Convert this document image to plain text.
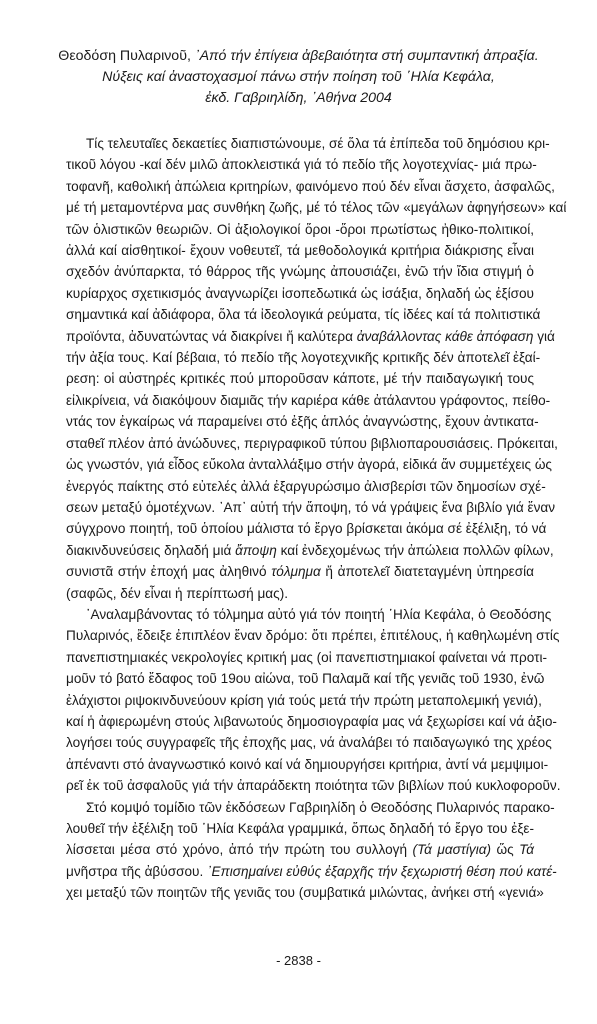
Θεοδόση Πυλαρινοῦ, ᾿Από τήν ἐπίγεια ἀβεβαιότητα στή συμπαντική ἀπραξία.
Νύξεις καί ἀναστοχασμοί πάνω στήν ποίηση τοῦ ῾Ηλία Κεφάλα,
ἐκδ. Γαβριηλίδη, ᾿Αθήνα 2004
Τίς τελευταῖες δεκαετίες διαπιστώνουμε, σέ ὅλα τά ἐπίπεδα τοῦ δημόσιου κρι-
τικοῦ λόγου -καί δέν μιλῶ ἀποκλειστικά γιά τό πεδίο τῆς λογοτεχνίας- μιά πρω-
τοφανῆ, καθολική ἀπώλεια κριτηρίων, φαινόμενο πού δέν εἶναι ἄσχετο, ἀσφαλῶς,
μέ τή μεταμοντέρνα μας συνθήκη ζωῆς, μέ τό τέλος τῶν «μεγάλων ἀφηγήσεων» καί
τῶν ὁλιστικῶν θεωριῶν. Οἱ ἀξιολογικοί ὅροι -ὅροι πρωτίστως ἠθικο-πολιτικοί,
ἀλλά καί αἰσθητικοί- ἔχουν νοθευτεῖ, τά μεθοδολογικά κριτήρια διάκρισης εἶναι
σχεδόν ἀνύπαρκτα, τό θάρρος τῆς γνώμης ἀπουσιάζει, ἐνῶ τήν ἴδια στιγμή ὁ
κυρίαρχος σχετικισμός ἀναγνωρίζει ἰσοπεδωτικά ὡς ἰσάξια, δηλαδή ὡς ἐξίσου
σημαντικά καί ἀδιάφορα, ὅλα τά ἰδεολογικά ρεύματα, τίς ἰδέες καί τά πολιτιστικά
προϊόντα, ἀδυνατώντας νά διακρίνει ἤ καλύτερα ἀναβάλλοντας κάθε ἀπόφαση γιά
τήν ἀξία τους. Καί βέβαια, τό πεδίο τῆς λογοτεχνικῆς κριτικῆς δέν ἀποτελεῖ ἐξαί-
ρεση: οἱ αὐστηρές κριτικές πού μποροῦσαν κάποτε, μέ τήν παιδαγωγική τους
εἰλικρίνεια, νά διακόψουν διαμιᾶς τήν καριέρα κάθε ἀτάλαντου γράφοντος, πείθο-
ντάς τον ἐγκαίρως νά παραμείνει στό ἐξῆς ἁπλός ἀναγνώστης, ἔχουν ἀντικατα-
σταθεῖ πλέον ἀπό ἀνώδυνες, περιγραφικοῦ τύπου βιβλιοπαρουσιάσεις. Πρόκειται,
ὡς γνωστόν, γιά εἶδος εὔκολα ἀνταλλάξιμο στήν ἀγορά, εἰδικά ἄν συμμετέχεις ὡς
ἐνεργός παίκτης στό εὐτελές ἀλλά ἐξαργυρώσιμο ἀλισβερίσι τῶν δημοσίων σχέ-
σεων μεταξύ ὁμοτέχνων. ᾿Απ᾿ αὐτή τήν ἄποψη, τό νά γράψεις ἕνα βιβλίο γιά ἕναν
σύγχρονο ποιητή, τοῦ ὁποίου μάλιστα τό ἔργο βρίσκεται ἀκόμα σέ ἐξέλιξη, τό νά
διακινδυνεύσεις δηλαδή μιά ἄποψη καί ἐνδεχομένως τήν ἀπώλεια πολλῶν φίλων,
συνιστᾶ στήν ἐποχή μας ἀληθινό τόλμημα ἤ ἀποτελεῖ διατεταγμένη ὑπηρεσία
(σαφῶς, δέν εἶναι ἡ περίπτωσή μας).
῾Αναλαμβάνοντας τό τόλμημα αὐτό γιά τόν ποιητή ῾Ηλία Κεφάλα, ὁ Θεοδόσης
Πυλαρινός, ἔδειξε ἐπιπλέον ἕναν δρόμο: ὅτι πρέπει, ἐπιτέλους, ἡ καθηλωμένη στίς
πανεπιστημιακές νεκρολογίες κριτική μας (οἱ πανεπιστημιακοί φαίνεται νά προτι-
μοῦν τό βατό ἔδαφος τοῦ 19ου αἰώνα, τοῦ Παλαμᾶ καί τῆς γενιᾶς τοῦ 1930, ἐνῶ
ἐλάχιστοι ριψοκινδυνεύουν κρίση γιά τούς μετά τήν πρώτη μεταπολεμική γενιά),
καί ἡ ἀφιερωμένη στούς λιβανωτούς δημοσιογραφία μας νά ξεχωρίσει καί νά ἀξιο-
λογήσει τούς συγγραφεῖς τῆς ἐποχῆς μας, νά ἀναλάβει τό παιδαγωγικό της χρέος
ἀπέναντι στό ἀναγνωστικό κοινό καί νά δημιουργήσει κριτήρια, ἀντί νά μεμψιμοι-
ρεῖ ἐκ τοῦ ἀσφαλοῦς γιά τήν ἀπαράδεκτη ποιότητα τῶν βιβλίων πού κυκλοφοροῦν.
Στό κομψό τομίδιο τῶν ἐκδόσεων Γαβριηλίδη ὁ Θεοδόσης Πυλαρινός παρακο-
λουθεῖ τήν ἐξέλιξη τοῦ ῾Ηλία Κεφάλα γραμμικά, ὅπως δηλαδή τό ἔργο του ἐξε-
λίσσεται μέσα στό χρόνο, ἀπό τήν πρώτη του συλλογή (Τά μαστίγια) ὥς Τά
μνῆστρα τῆς ἀβύσσου. ᾿Επισημαίνει εὐθύς ἐξαρχῆς τήν ξεχωριστή θέση πού κατέ-
χει μεταξύ τῶν ποιητῶν τῆς γενιᾶς του (συμβατικά μιλώντας, ἀνήκει στή «γενιά»
- 2838 -
